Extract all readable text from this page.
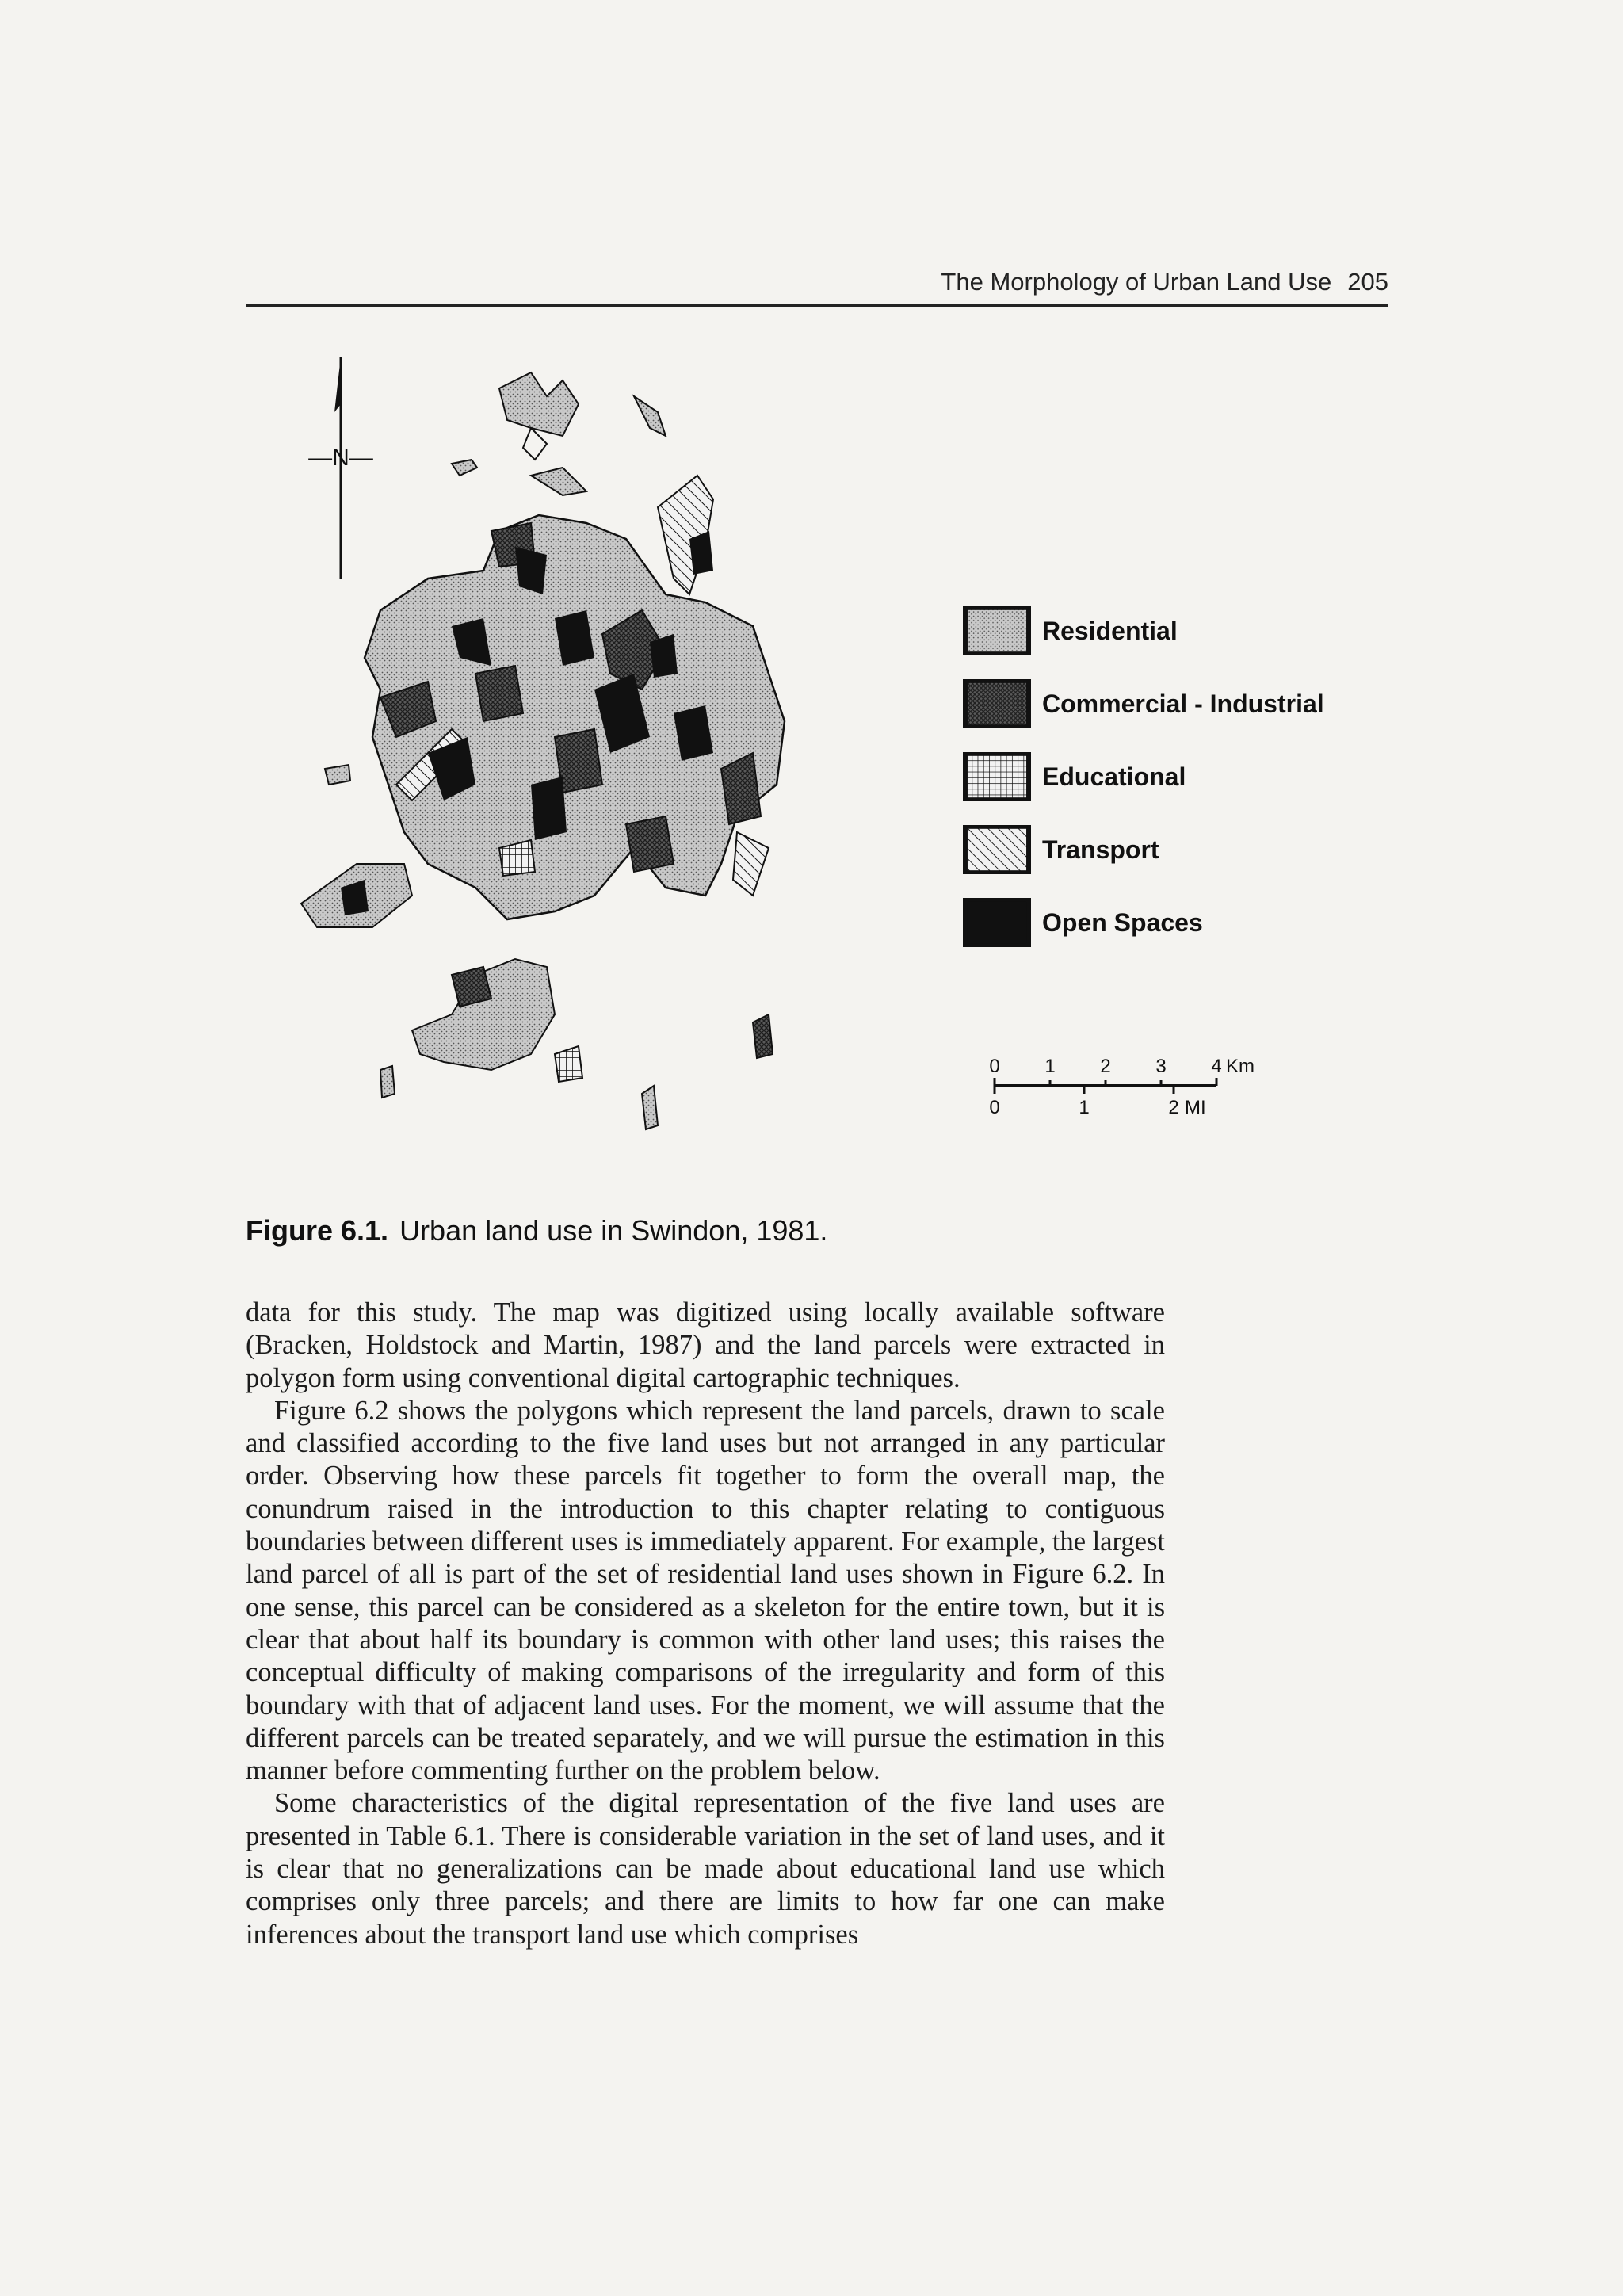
The Morphology of Urban Land Use 205
—N—
Residential
Commercial - Industrial
Educational
Transport
Open Spaces
0 1 2 3 4 Km
0	1	2 MI
Figure 6.1. Urban land use in Swindon, 1981.

data for this study. The map was digitized using locally available software (Bracken, Holdstock and Martin, 1987) and the land parcels were extracted in polygon form using conventional digital cartographic techniques.

Figure 6.2 shows the polygons which represent the land parcels, drawn to scale and classified according to the five land uses but not arranged in any particular order. Observing how these parcels fit together to form the overall map, the conundrum raised in the introduction to this chapter relating to contiguous boundaries between different uses is immediately apparent. For example, the largest land parcel of all is part of the set of residential land uses shown in Figure 6.2. In one sense, this parcel can be considered as a skeleton for the entire town, but it is clear that about half its boundary is common with other land uses; this raises the conceptual difficulty of making comparisons of the irregularity and form of this boundary with that of adjacent land uses. For the moment, we will assume that the different parcels can be treated separately, and we will pursue the estimation in this manner before commenting further on the problem below.

Some characteristics of the digital representation of the five land uses are presented in Table 6.1. There is considerable variation in the set of land uses, and it is clear that no generalizations can be made about educational land use which comprises only three parcels; and there are limits to how far one can make inferences about the transport land use which comprises
